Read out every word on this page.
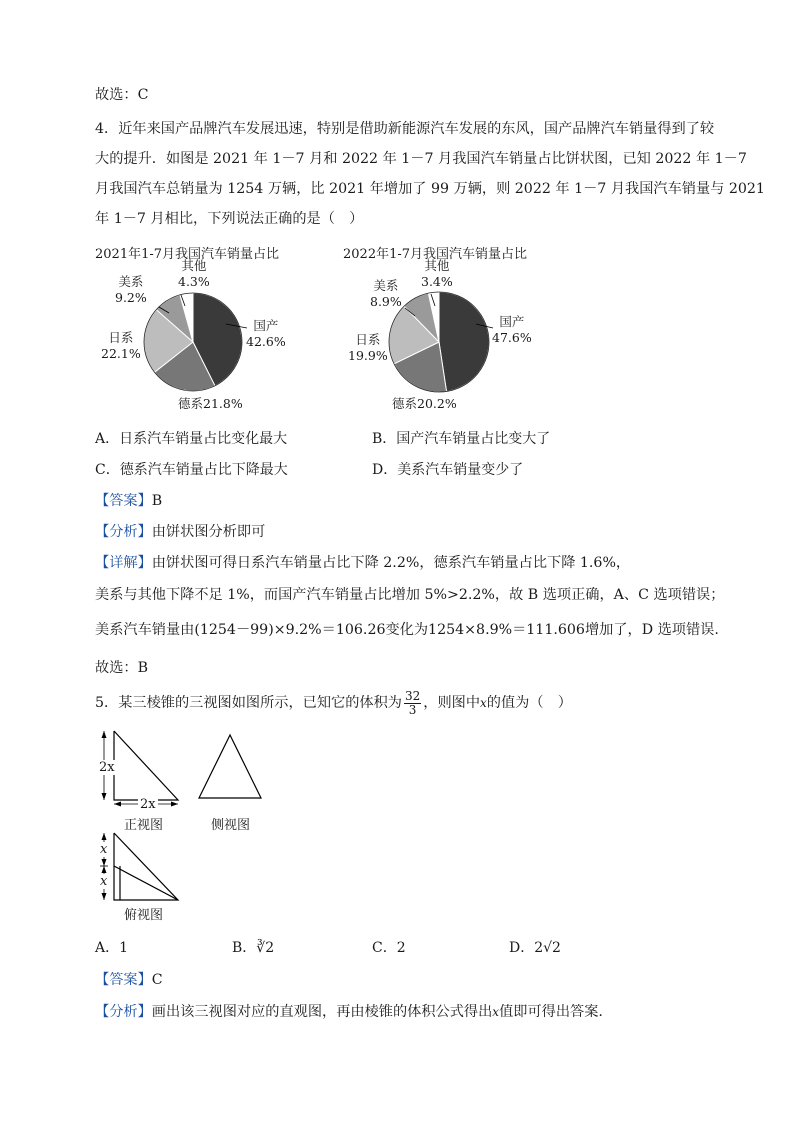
故选：C
4．近年来国产品牌汽车发展迅速，特别是借助新能源汽车发展的东风，国产品牌汽车销量得到了较
大的提升．如图是 2021 年 1－7 月和 2022 年 1－7 月我国汽车销量占比饼状图，已知 2022 年 1－7
月我国汽车总销量为 1254 万辆，比 2021 年增加了 99 万辆，则 2022 年 1－7 月我国汽车销量与 2021
年 1－7 月相比，下列说法正确的是（　）
2021年1-7月我国汽车销量占比
其他
4.3%
美系
9.2%
国产
42.6%
日系
22.1%
德系21.8%
2022年1-7月我国汽车销量占比
其他
3.4%
美系
8.9%
国产
47.6%
日系
19.9%
德系20.2%
A．日系汽车销量占比变化最大	B．国产汽车销量占比变大了
C．德系汽车销量占比下降最大	D．美系汽车销量变少了
【答案】B
【分析】由饼状图分析即可
【详解】由饼状图可得日系汽车销量占比下降 2.2%，德系汽车销量占比下降 1.6%，
美系与其他下降不足 1%，而国产汽车销量占比增加 5%>2.2%，故 B 选项正确，A、C 选项错误；
美系汽车销量由(1254－99)×9.2%＝106.26变化为1254×8.9%＝111.606增加了，D 选项错误.
故选：B
5．某三棱锥的三视图如图所示，已知它的体积为 $\frac{32}{3}$ ，则图中x的值为（　）
2x
2x
正视图	侧视图
x
x
俯视图
A．1	B．∛2	C．2	D．2√2
【答案】C
【分析】画出该三视图对应的直观图，再由棱锥的体积公式得出x值即可得出答案.
